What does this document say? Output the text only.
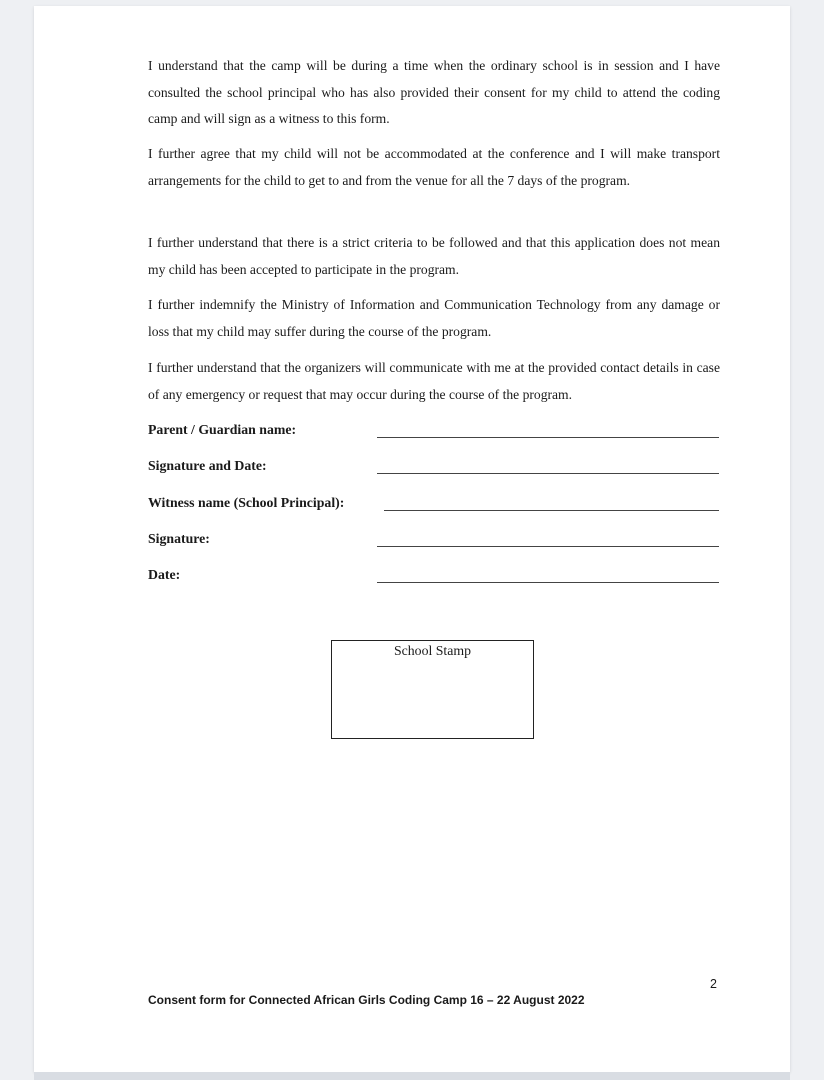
I understand that the camp will be during a time when the ordinary school is in session and I have consulted the school principal who has also provided their consent for my child to attend the coding camp and will sign as a witness to this form.

I further agree that my child will not be accommodated at the conference and I will make transport arrangements for the child to get to and from the venue for all the 7 days of the program.

I further understand that there is a strict criteria to be followed and that this application does not mean my child has been accepted to participate in the program.

I further indemnify the Ministry of Information and Communication Technology from any damage or loss that my child may suffer during the course of the program.

I further understand that the organizers will communicate with me at the provided contact details in case of any emergency or request that may occur during the course of the program.

Parent / Guardian name:
Signature and Date:
Witness name (School Principal):
Signature:
Date:
School Stamp
2
Consent form for Connected African Girls Coding Camp 16 – 22 August 2022
